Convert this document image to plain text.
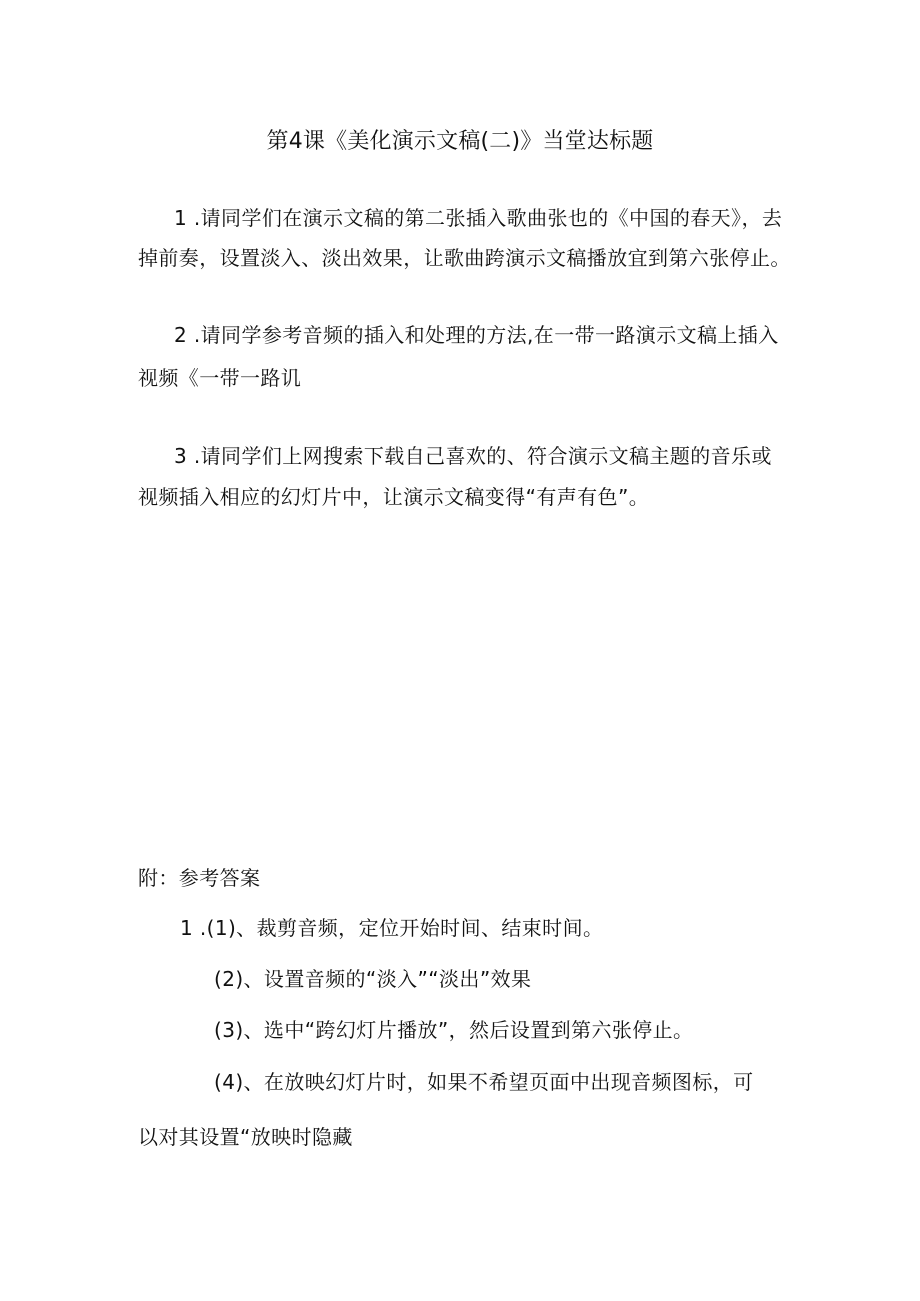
第4课《美化演示文稿(二)》当堂达标题
1 .请同学们在演示文稿的第二张插入歌曲张也的《中国的春天》，去
掉前奏，设置淡入、淡出效果，让歌曲跨演示文稿播放宜到第六张停止。
2 .请同学参考音频的插入和处理的方法,在一带一路演示文稿上插入
视频《一带一路讥
3 .请同学们上网搜索下载自己喜欢的、符合演示文稿主题的音乐或
视频插入相应的幻灯片中，让演示文稿变得“有声有色”。
附：参考答案
1 .(1)、裁剪音频，定位开始时间、结束时间。
(2)、设置音频的“淡入”“淡出”效果
(3)、选中“跨幻灯片播放”，然后设置到第六张停止。
(4)、在放映幻灯片时，如果不希望页面中出现音频图标，可
以对其设置“放映时隐藏
